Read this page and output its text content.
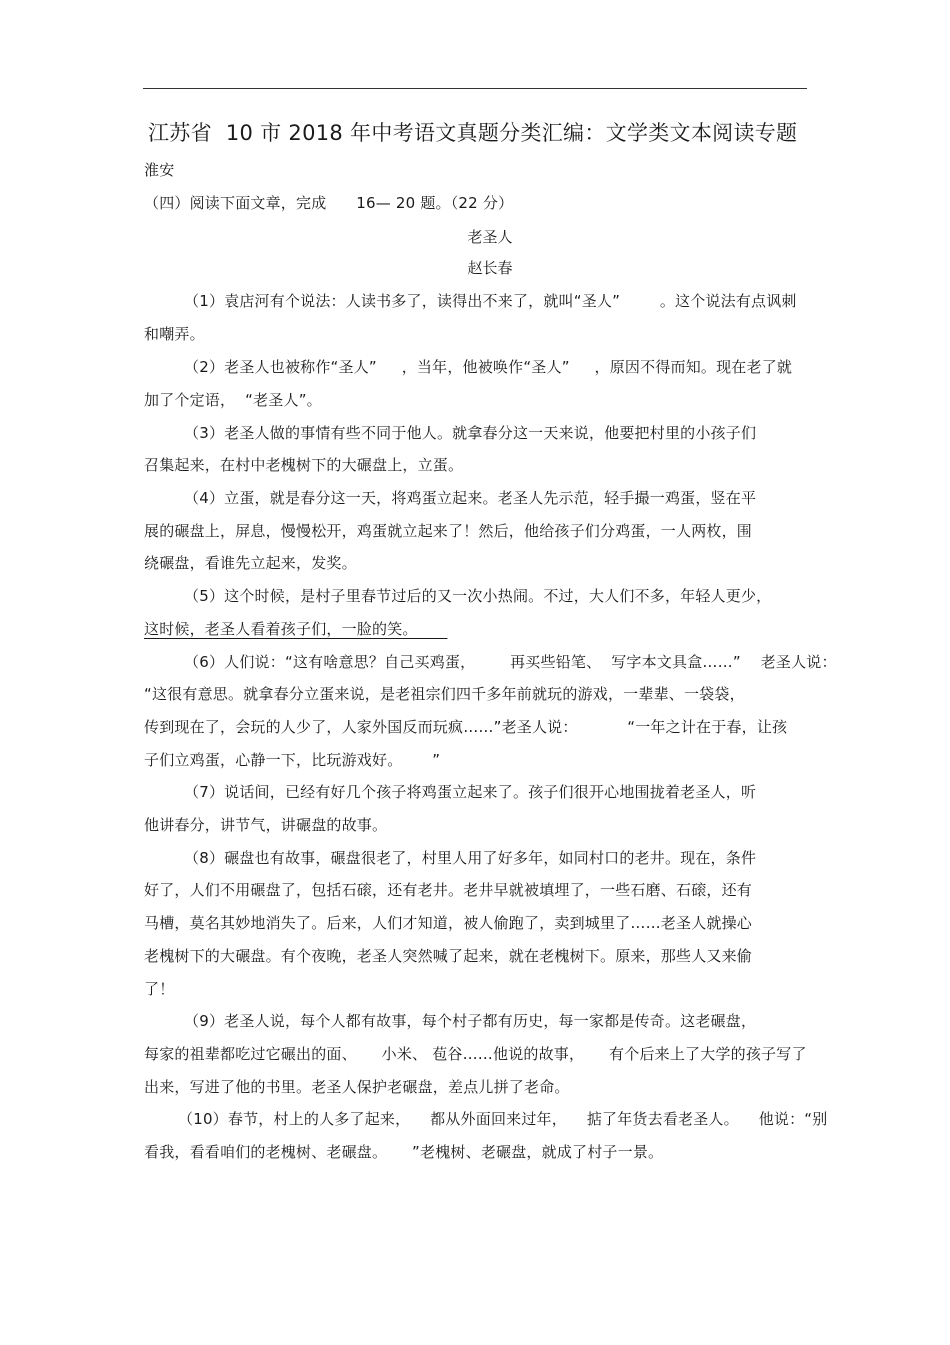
江苏省  10 市 2018 年中考语文真题分类汇编：文学类文本阅读专题
淮安
（四）阅读下面文章，完成      16— 20 题。（22 分）
老圣人
赵长春
（1）袁店河有个说法：人读书多了，读得出不来了，就叫“圣人”        。这个说法有点讽刺
和嘲弄。
（2）老圣人也被称作“圣人”     ，当年，他被唤作“圣人”     ，原因不得而知。现在老了就
加了个定语，  “老圣人”。
（3）老圣人做的事情有些不同于他人。就拿春分这一天来说，他要把村里的小孩子们
召集起来，在村中老槐树下的大碾盘上，立蛋。
（4）立蛋，就是春分这一天，将鸡蛋立起来。老圣人先示范，轻手撮一鸡蛋，竖在平
展的碾盘上，屏息，慢慢松开，鸡蛋就立起来了！然后，他给孩子们分鸡蛋，一人两枚，围
绕碾盘，看谁先立起来，发奖。
（5）这个时候，是村子里春节过后的又一次小热闹。不过，大人们不多，年轻人更少，
这时候，老圣人看着孩子们，一脸的笑。
（6）人们说：“这有啥意思？自己买鸡蛋，       再买些铅笔、  写字本文具盒……”    老圣人说：
“这很有意思。就拿春分立蛋来说，是老祖宗们四千多年前就玩的游戏，一辈辈、一袋袋，
传到现在了，会玩的人少了，人家外国反而玩疯……”老圣人说：          “一年之计在于春，让孩
子们立鸡蛋，心静一下，比玩游戏好。      ”
（7）说话间，已经有好几个孩子将鸡蛋立起来了。孩子们很开心地围拢着老圣人，听
他讲春分，讲节气，讲碾盘的故事。
（8）碾盘也有故事，碾盘很老了，村里人用了好多年，如同村口的老井。现在，条件
好了，人们不用碾盘了，包括石磙，还有老井。老井早就被填埋了，一些石磨、石磙，还有
马槽，莫名其妙地消失了。后来，人们才知道，被人偷跑了，卖到城里了……老圣人就操心
老槐树下的大碾盘。有个夜晚，老圣人突然喊了起来，就在老槐树下。原来，那些人又来偷
了！
（9）老圣人说，每个人都有故事，每个村子都有历史，每一家都是传奇。这老碾盘，
每家的祖辈都吃过它碾出的面、     小米、 苞谷……他说的故事，     有个后来上了大学的孩子写了
出来，写进了他的书里。老圣人保护老碾盘，差点儿拼了老命。
（10）春节，村上的人多了起来，    都从外面回来过年，    掂了年货去看老圣人。    他说：“别
看我，看看咱们的老槐树、老碾盘。     ”老槐树、老碾盘，就成了村子一景。
